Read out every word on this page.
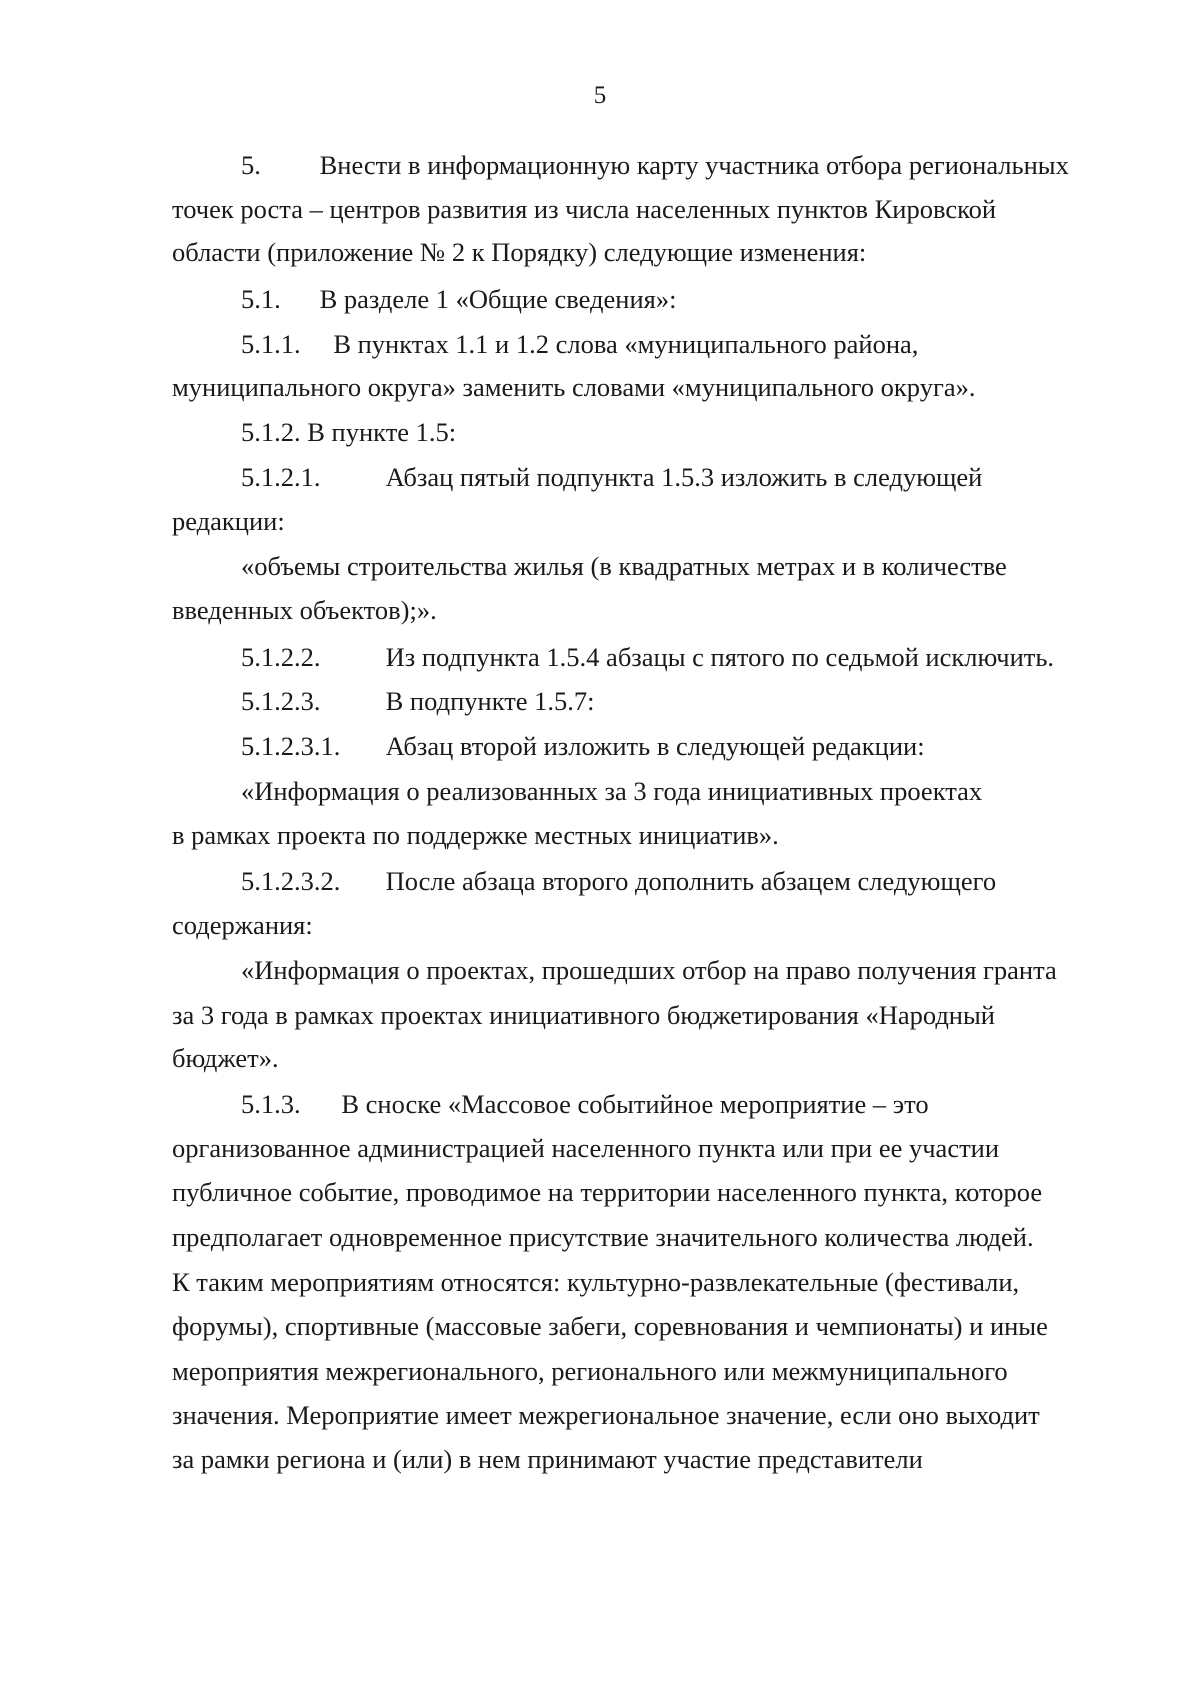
5
5. Внести в информационную карту участника отбора региональных
точек роста – центров развития из числа населенных пунктов Кировской
области (приложение № 2 к Порядку) следующие изменения:
5.1. В разделе 1 «Общие сведения»:
5.1.1. В пунктах 1.1 и 1.2 слова «муниципального района,
муниципального округа» заменить словами «муниципального округа».
5.1.2. В пункте 1.5:
5.1.2.1. Абзац пятый подпункта 1.5.3 изложить в следующей
редакции:
«объемы строительства жилья (в квадратных метрах и в количестве
введенных объектов);».
5.1.2.2. Из подпункта 1.5.4 абзацы с пятого по седьмой исключить.
5.1.2.3. В подпункте 1.5.7:
5.1.2.3.1. Абзац второй изложить в следующей редакции:
«Информация о реализованных за 3 года инициативных проектах
в рамках проекта по поддержке местных инициатив».
5.1.2.3.2. После абзаца второго дополнить абзацем следующего
содержания:
«Информация о проектах, прошедших отбор на право получения гранта
за 3 года в рамках проектах инициативного бюджетирования «Народный
бюджет».
5.1.3. В сноске «Массовое событийное мероприятие – это
организованное администрацией населенного пункта или при ее участии
публичное событие, проводимое на территории населенного пункта, которое
предполагает одновременное присутствие значительного количества людей.
К таким мероприятиям относятся: культурно-развлекательные (фестивали,
форумы), спортивные (массовые забеги, соревнования и чемпионаты) и иные
мероприятия межрегионального, регионального или межмуниципального
значения. Мероприятие имеет межрегиональное значение, если оно выходит
за рамки региона и (или) в нем принимают участие представители
